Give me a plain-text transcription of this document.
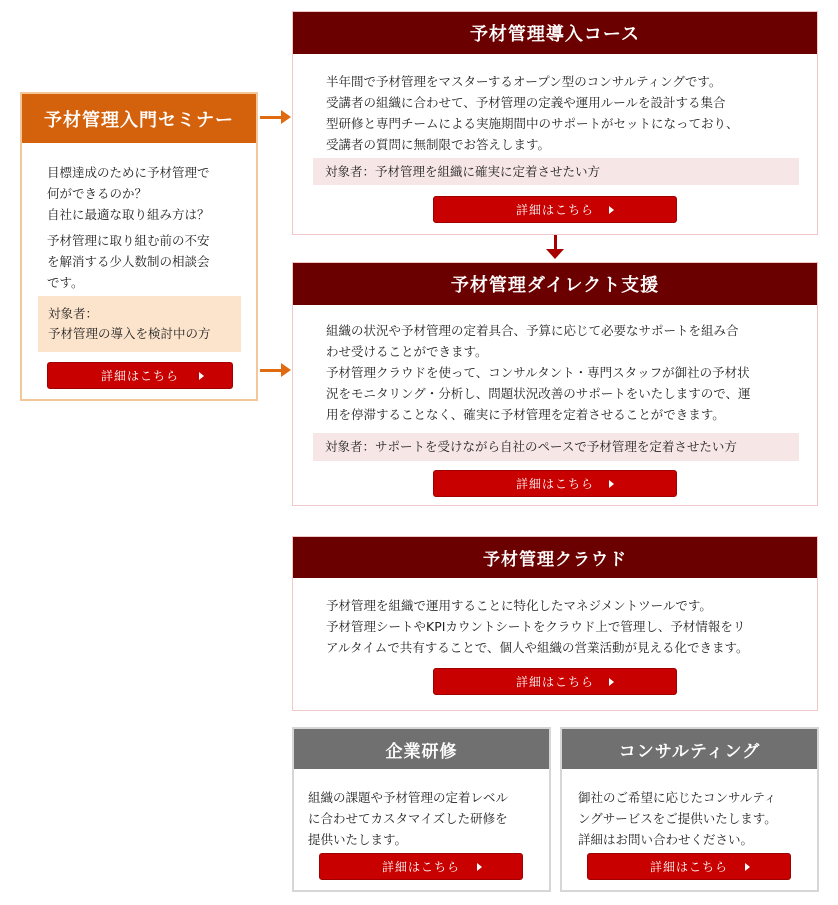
予材管理入門セミナー
目標達成のために予材管理で
何ができるのか？
自社に最適な取り組み方は？
予材管理に取り組む前の不安
を解消する少人数制の相談会
です。
対象者：
予材管理の導入を検討中の方
詳細はこちら
予材管理導入コース
半年間で予材管理をマスターするオープン型のコンサルティングです。
受講者の組織に合わせて、予材管理の定義や運用ルールを設計する集合
型研修と専門チームによる実施期間中のサポートがセットになっており、
受講者の質問に無制限でお答えします。
対象者：予材管理を組織に確実に定着させたい方
詳細はこちら
予材管理ダイレクト支援
組織の状況や予材管理の定着具合、予算に応じて必要なサポートを組み合
わせ受けることができます。
予材管理クラウドを使って、コンサルタント・専門スタッフが御社の予材状
況をモニタリング・分析し、問題状況改善のサポートをいたしますので、運
用を停滞することなく、確実に予材管理を定着させることができます。
対象者：サポートを受けながら自社のペースで予材管理を定着させたい方
詳細はこちら
予材管理クラウド
予材管理を組織で運用することに特化したマネジメントツールです。
予材管理シートやKPIカウントシートをクラウド上で管理し、予材情報をリ
アルタイムで共有することで、個人や組織の営業活動が見える化できます。
詳細はこちら
企業研修
組織の課題や予材管理の定着レベル
に合わせてカスタマイズした研修を
提供いたします。
詳細はこちら
コンサルティング
御社のご希望に応じたコンサルティ
ングサービスをご提供いたします。
詳細はお問い合わせください。
詳細はこちら
